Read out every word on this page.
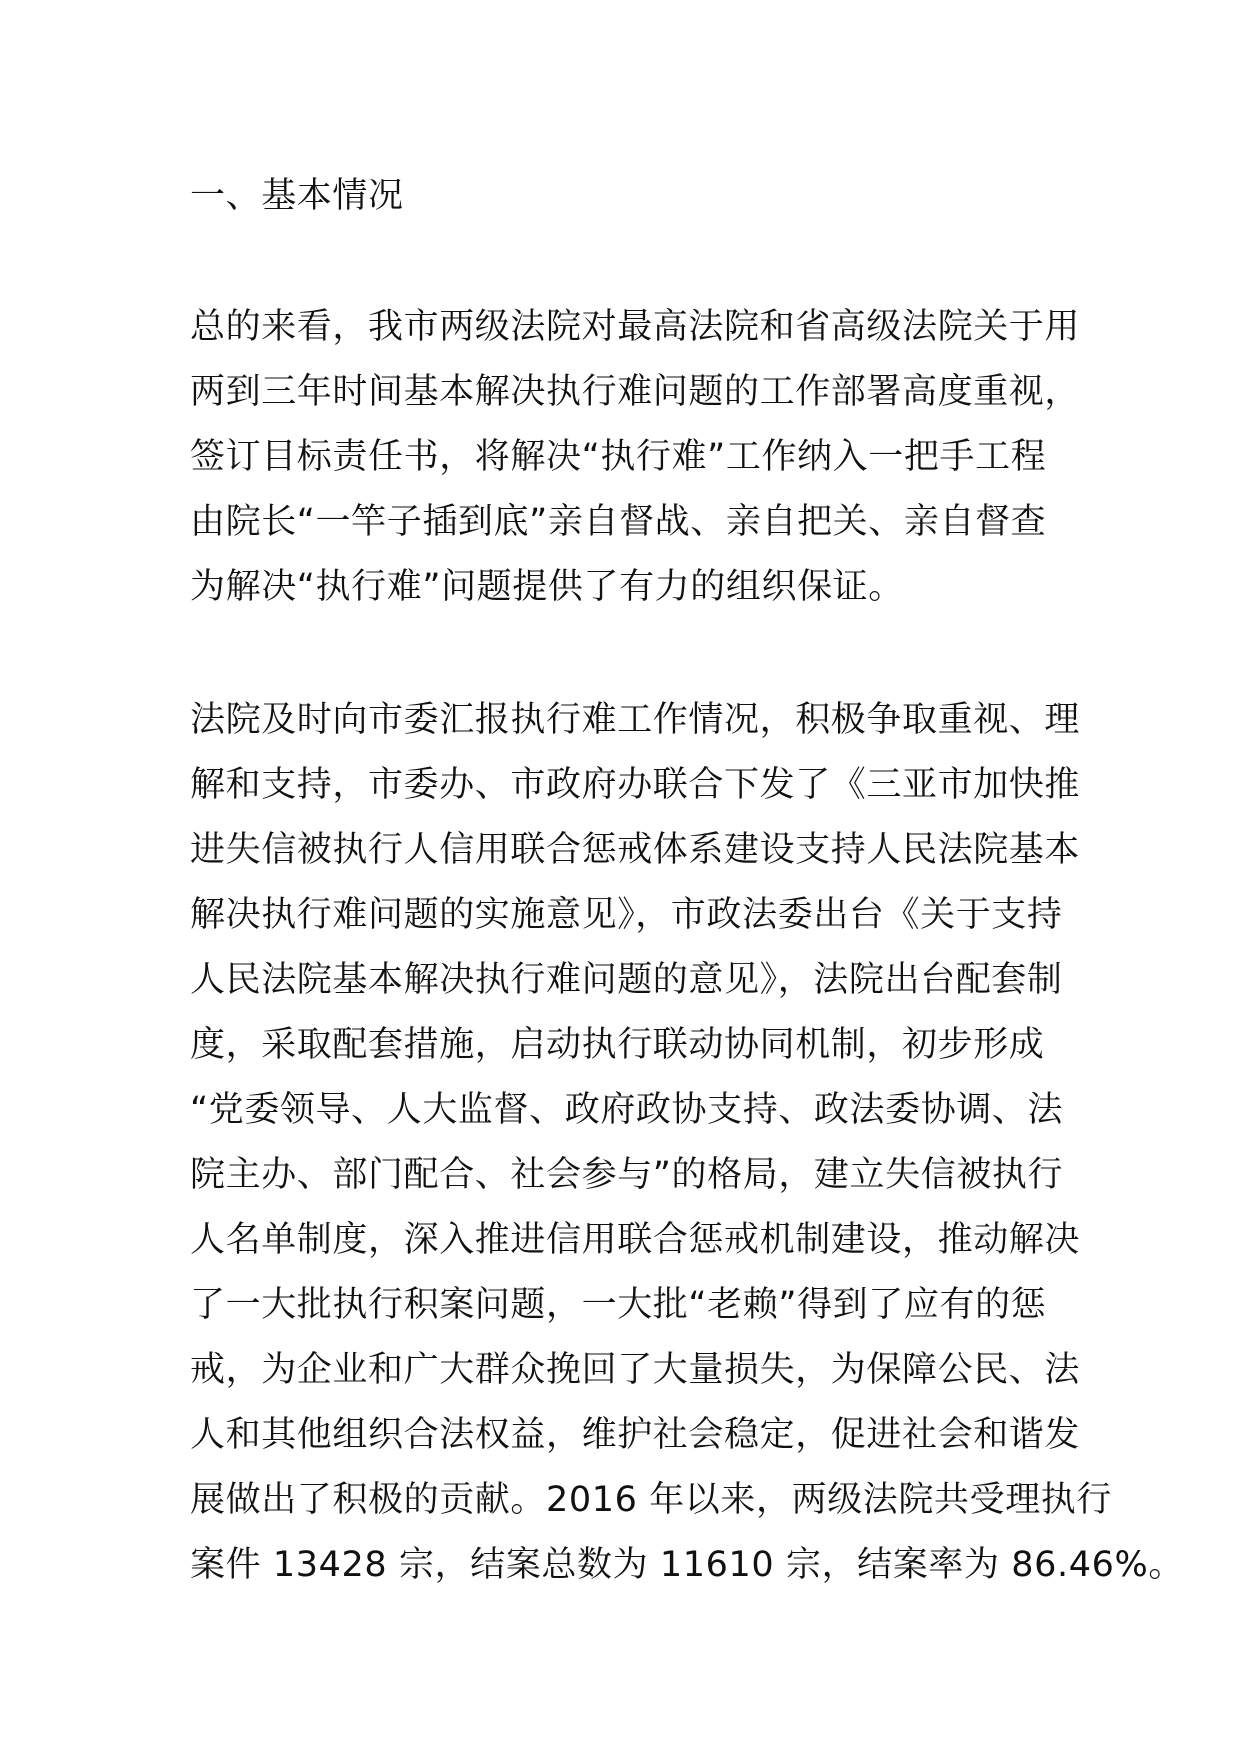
一、基本情况
总的来看，我市两级法院对最高法院和省高级法院关于用
两到三年时间基本解决执行难问题的工作部署高度重视，
签订目标责任书，将解决“执行难”工作纳入一把手工程
由院长“一竿子插到底”亲自督战、亲自把关、亲自督查
为解决“执行难”问题提供了有力的组织保证。
法院及时向市委汇报执行难工作情况，积极争取重视、理
解和支持，市委办、市政府办联合下发了《三亚市加快推
进失信被执行人信用联合惩戒体系建设支持人民法院基本
解决执行难问题的实施意见》，市政法委出台《关于支持
人民法院基本解决执行难问题的意见》，法院出台配套制
度，采取配套措施，启动执行联动协同机制，初步形成
“党委领导、人大监督、政府政协支持、政法委协调、法
院主办、部门配合、社会参与”的格局，建立失信被执行
人名单制度，深入推进信用联合惩戒机制建设，推动解决
了一大批执行积案问题，一大批“老赖”得到了应有的惩
戒，为企业和广大群众挽回了大量损失，为保障公民、法
人和其他组织合法权益，维护社会稳定，促进社会和谐发
展做出了积极的贡献。2016 年以来，两级法院共受理执行
案件 13428 宗，结案总数为 11610 宗，结案率为 86.46%。
